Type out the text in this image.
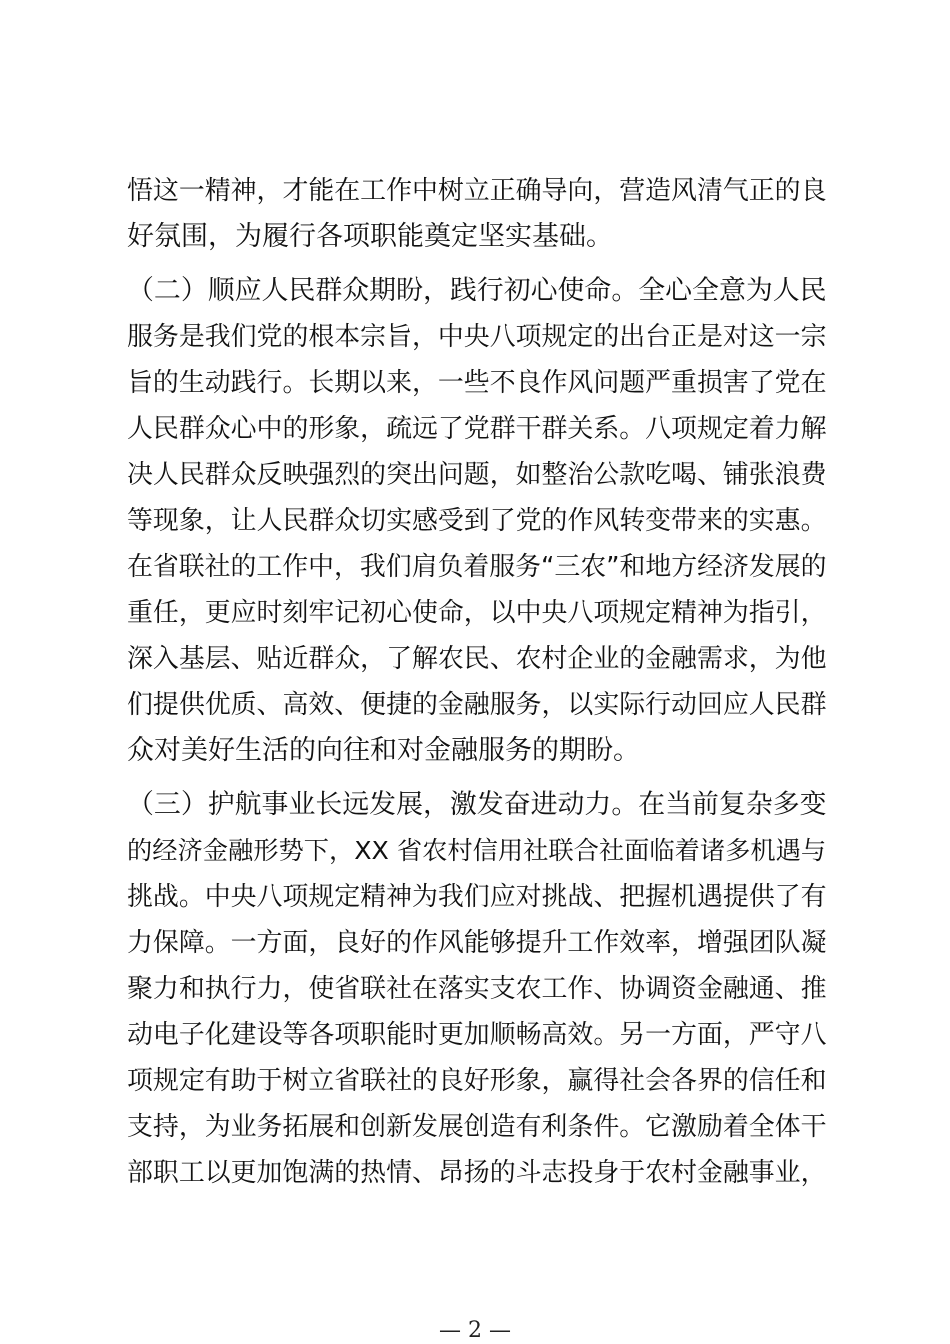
悟这一精神，才能在工作中树立正确导向，营造风清气正的良
好氛围，为履行各项职能奠定坚实基础。
（二）顺应人民群众期盼，践行初心使命。全心全意为人民
服务是我们党的根本宗旨，中央八项规定的出台正是对这一宗
旨的生动践行。长期以来，一些不良作风问题严重损害了党在
人民群众心中的形象，疏远了党群干群关系。八项规定着力解
决人民群众反映强烈的突出问题，如整治公款吃喝、铺张浪费
等现象，让人民群众切实感受到了党的作风转变带来的实惠。
在省联社的工作中，我们肩负着服务“三农”和地方经济发展的
重任，更应时刻牢记初心使命，以中央八项规定精神为指引，
深入基层、贴近群众，了解农民、农村企业的金融需求，为他
们提供优质、高效、便捷的金融服务，以实际行动回应人民群
众对美好生活的向往和对金融服务的期盼。
（三）护航事业长远发展，激发奋进动力。在当前复杂多变
的经济金融形势下，XX 省农村信用社联合社面临着诸多机遇与
挑战。中央八项规定精神为我们应对挑战、把握机遇提供了有
力保障。一方面，良好的作风能够提升工作效率，增强团队凝
聚力和执行力，使省联社在落实支农工作、协调资金融通、推
动电子化建设等各项职能时更加顺畅高效。另一方面，严守八
项规定有助于树立省联社的良好形象，赢得社会各界的信任和
支持，为业务拓展和创新发展创造有利条件。它激励着全体干
部职工以更加饱满的热情、昂扬的斗志投身于农村金融事业，
— 2 —
